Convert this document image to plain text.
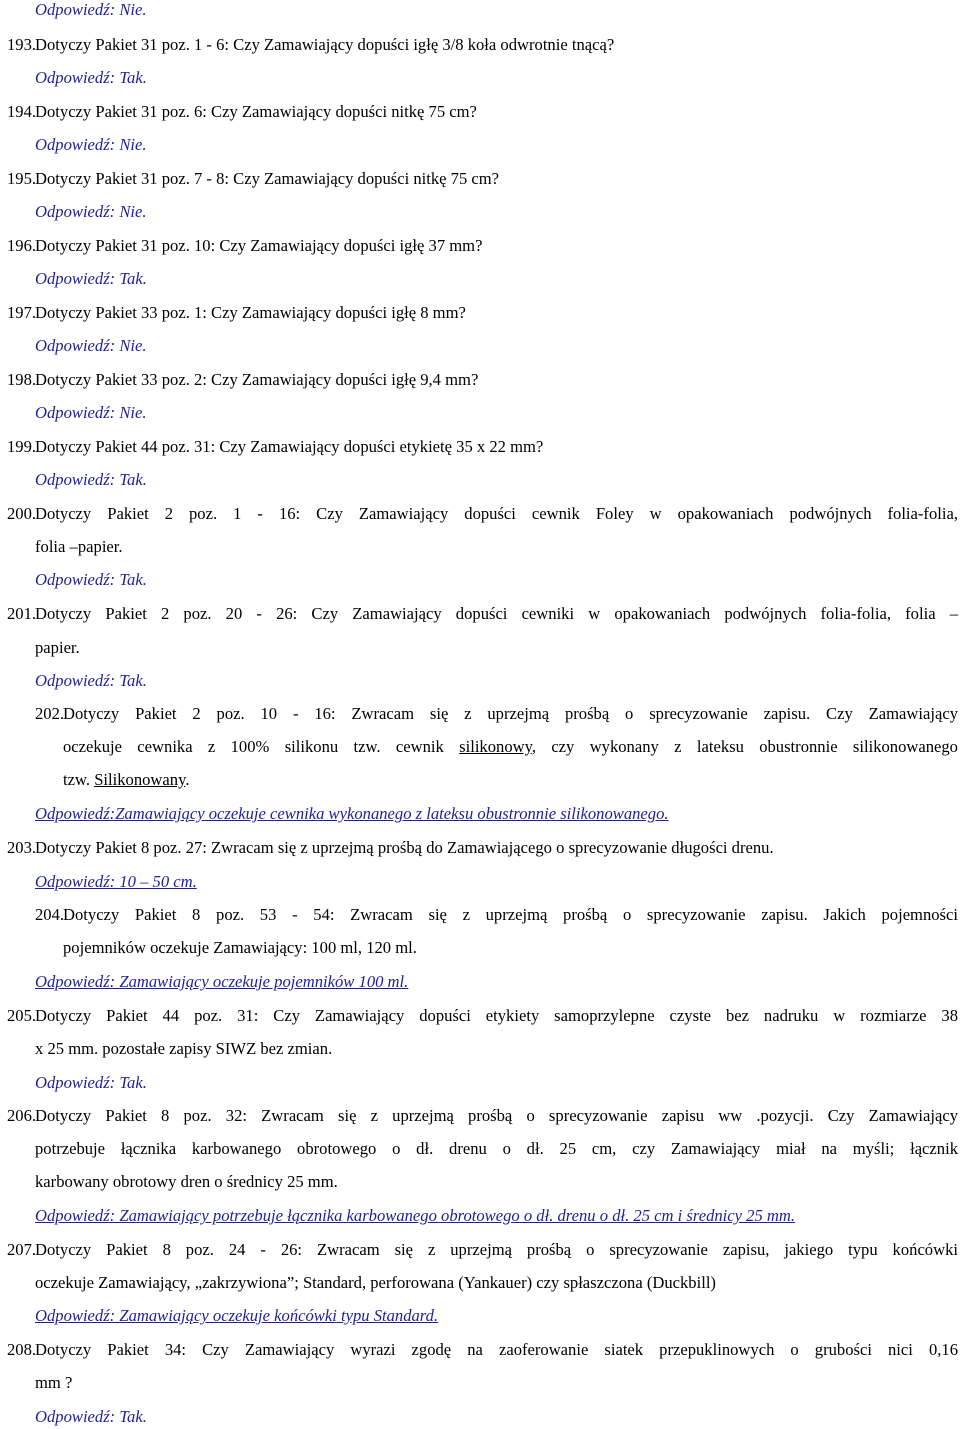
Odpowiedź: Nie.
193.Dotyczy Pakiet 31 poz. 1 - 6: Czy Zamawiający dopuści igłę 3/8 koła odwrotnie tnącą?
Odpowiedź: Tak.
194.Dotyczy Pakiet 31 poz. 6: Czy Zamawiający dopuści nitkę 75 cm?
Odpowiedź: Nie.
195.Dotyczy Pakiet 31 poz. 7 - 8: Czy Zamawiający dopuści nitkę 75 cm?
Odpowiedź: Nie.
196.Dotyczy Pakiet 31 poz. 10: Czy Zamawiający dopuści igłę 37 mm?
Odpowiedź: Tak.
197.Dotyczy Pakiet 33 poz. 1: Czy Zamawiający dopuści igłę 8 mm?
Odpowiedź: Nie.
198.Dotyczy Pakiet 33 poz. 2: Czy Zamawiający dopuści igłę 9,4 mm?
Odpowiedź: Nie.
199.Dotyczy Pakiet 44 poz. 31: Czy Zamawiający dopuści etykietę 35 x 22 mm?
Odpowiedź: Tak.
200.Dotyczy Pakiet 2 poz. 1 - 16: Czy Zamawiający dopuści cewnik Foley w opakowaniach podwójnych folia-folia,
folia –papier.
Odpowiedź: Tak.
201.Dotyczy Pakiet 2 poz. 20 - 26: Czy Zamawiający dopuści cewniki w opakowaniach podwójnych folia-folia, folia –
papier.
Odpowiedź: Tak.
202.Dotyczy Pakiet 2 poz. 10 - 16: Zwracam się z uprzejmą prośbą o sprecyzowanie zapisu. Czy Zamawiający
oczekuje cewnika z 100% silikonu tzw. cewnik silikonowy, czy wykonany z lateksu obustronnie silikonowanego
tzw. Silikonowany.
Odpowiedź:Zamawiający oczekuje cewnika wykonanego z lateksu obustronnie silikonowanego.
203.Dotyczy Pakiet 8 poz. 27: Zwracam się z uprzejmą prośbą do Zamawiającego o sprecyzowanie długości drenu.
Odpowiedź: 10 – 50 cm.
204.Dotyczy Pakiet 8 poz. 53 - 54: Zwracam się z uprzejmą prośbą o sprecyzowanie zapisu. Jakich pojemności
pojemników oczekuje Zamawiający: 100 ml, 120 ml.
Odpowiedź: Zamawiający oczekuje pojemników 100 ml.
205.Dotyczy Pakiet 44 poz. 31: Czy Zamawiający dopuści etykiety samoprzylepne czyste bez nadruku w rozmiarze 38
x 25 mm. pozostałe zapisy SIWZ bez zmian.
Odpowiedź: Tak.
206.Dotyczy Pakiet 8 poz. 32: Zwracam się z uprzejmą prośbą o sprecyzowanie zapisu ww .pozycji. Czy Zamawiający
potrzebuje łącznika karbowanego obrotowego o dł. drenu o dł. 25 cm, czy Zamawiający miał na myśli; łącznik
karbowany obrotowy dren o średnicy 25 mm.
Odpowiedź: Zamawiający potrzebuje łącznika karbowanego obrotowego o dł. drenu o dł. 25 cm i średnicy 25 mm.
207.Dotyczy Pakiet 8 poz. 24 - 26: Zwracam się z uprzejmą prośbą o sprecyzowanie zapisu, jakiego typu końcówki
oczekuje Zamawiający, „zakrzywiona”; Standard, perforowana (Yankauer) czy spłaszczona (Duckbill)
Odpowiedź: Zamawiający oczekuje końcówki typu Standard.
208.Dotyczy Pakiet 34: Czy Zamawiający wyrazi zgodę na zaoferowanie siatek przepuklinowych o grubości nici 0,16
mm ?
Odpowiedź: Tak.
